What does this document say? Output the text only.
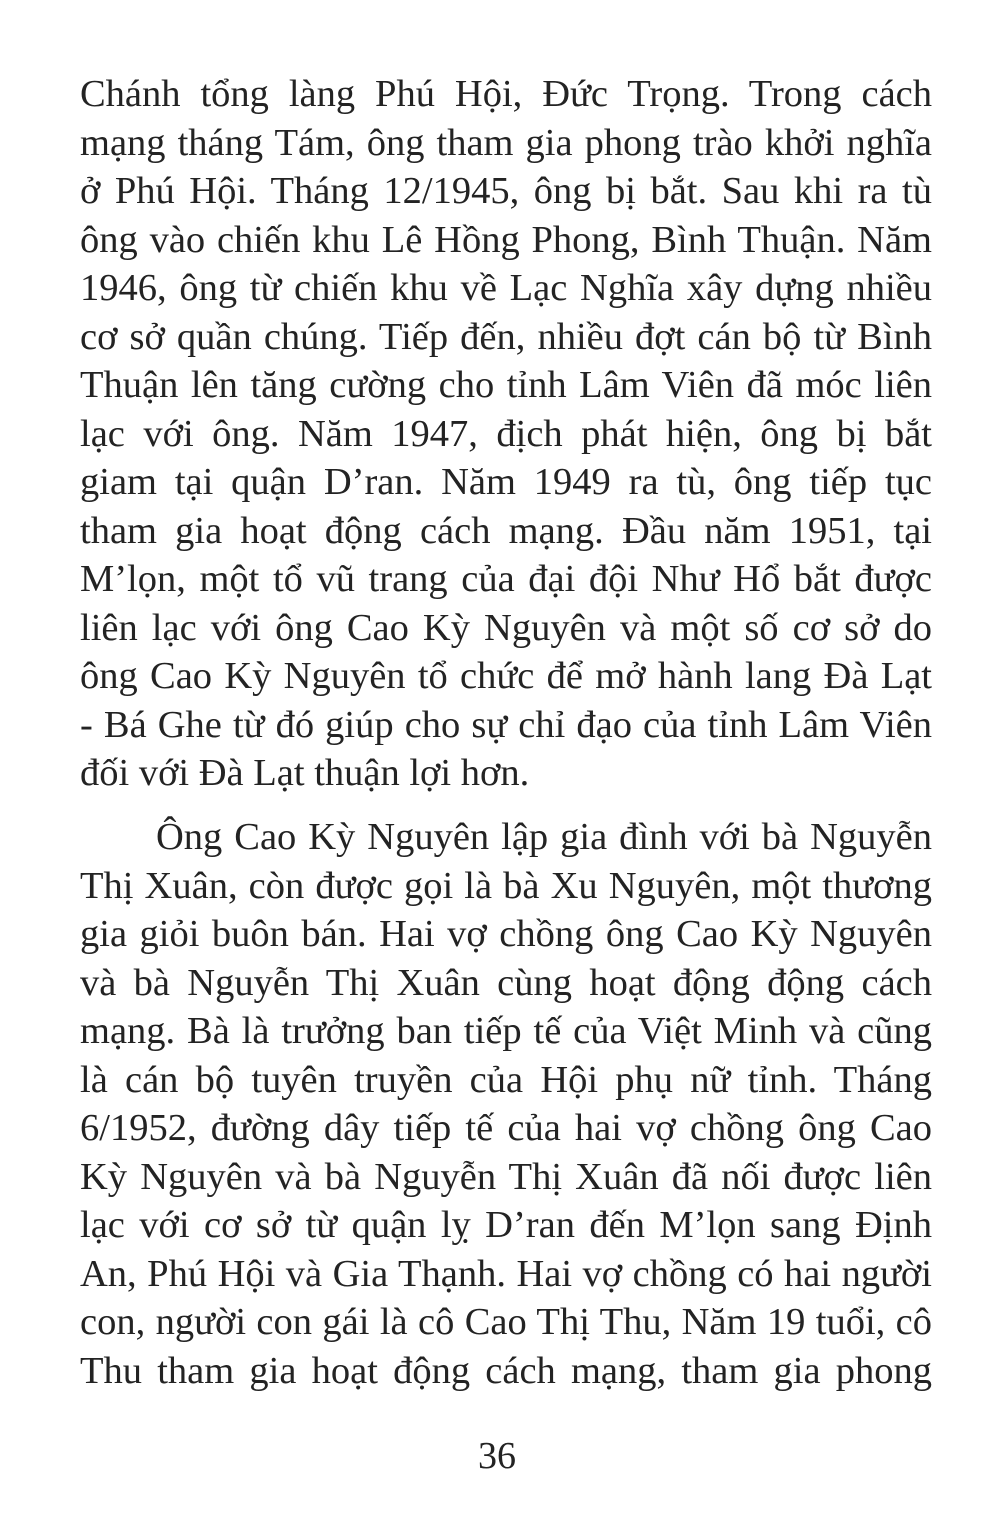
Chánh tổng làng Phú Hội, Đức Trọng. Trong cách
mạng tháng Tám, ông tham gia phong trào khởi nghĩa
ở Phú Hội. Tháng 12/1945, ông bị bắt. Sau khi ra tù
ông vào chiến khu Lê Hồng Phong, Bình Thuận. Năm
1946, ông từ chiến khu về Lạc Nghĩa xây dựng nhiều
cơ sở quần chúng. Tiếp đến, nhiều đợt cán bộ từ Bình
Thuận lên tăng cường cho tỉnh Lâm Viên đã móc liên
lạc với ông. Năm 1947, địch phát hiện, ông bị bắt
giam tại quận D’ran. Năm 1949 ra tù, ông tiếp tục
tham gia hoạt động cách mạng. Đầu năm 1951, tại
M’lọn, một tổ vũ trang của đại đội Như Hổ bắt được
liên lạc với ông Cao Kỳ Nguyên và một số cơ sở do
ông Cao Kỳ Nguyên tổ chức để mở hành lang Đà Lạt
- Bá Ghe từ đó giúp cho sự chỉ đạo của tỉnh Lâm Viên
đối với Đà Lạt thuận lợi hơn.
Ông Cao Kỳ Nguyên lập gia đình với bà Nguyễn
Thị Xuân, còn được gọi là bà Xu Nguyên, một thương
gia giỏi buôn bán. Hai vợ chồng ông Cao Kỳ Nguyên
và bà Nguyễn Thị Xuân cùng hoạt động động cách
mạng. Bà là trưởng ban tiếp tế của Việt Minh và cũng
là cán bộ tuyên truyền của Hội phụ nữ tỉnh. Tháng
6/1952, đường dây tiếp tế của hai vợ chồng ông Cao
Kỳ Nguyên và bà Nguyễn Thị Xuân đã nối được liên
lạc với cơ sở từ quận lỵ D’ran đến M’lọn sang Định
An, Phú Hội và Gia Thạnh. Hai vợ chồng có hai người
con, người con gái là cô Cao Thị Thu, Năm 19 tuổi, cô
Thu tham gia hoạt động cách mạng, tham gia phong
36
